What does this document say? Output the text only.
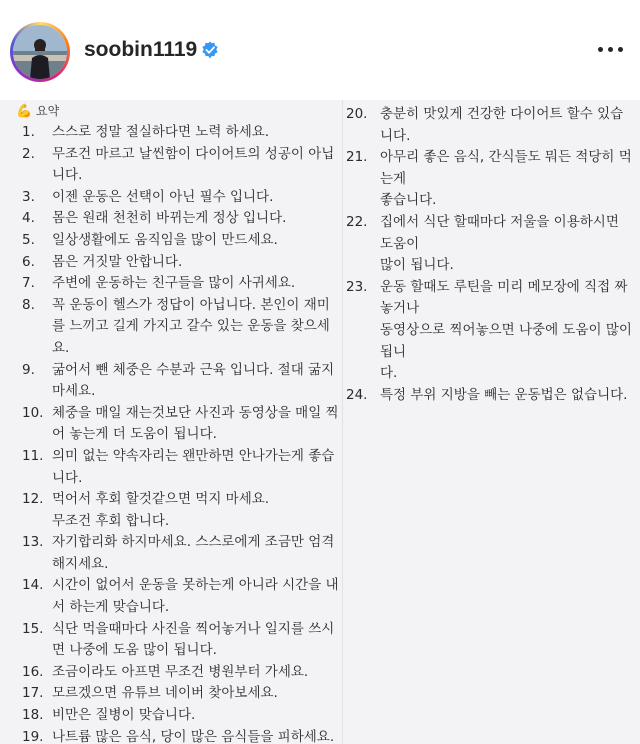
soobin1119
💪 요약
1.	스스로 정말 절실하다면 노력 하세요.
2.	무조건 마르고 날씬함이 다이어트의 성공이 아닙
니다.
3.	이젠 운동은 선택이 아닌 필수 입니다.
4.	몸은 원래 천천히 바뀌는게 정상 입니다.
5.	일상생활에도 움직임을 많이 만드세요.
6.	몸은 거짓말 안합니다.
7.	주변에 운동하는 친구들을 많이 사귀세요.
8.	꼭 운동이 헬스가 정답이 아닙니다. 본인이 재미
를 느끼고 길게 가지고 갈수 있는 운동을 찾으세
요.
9.	굶어서 뺀 체중은 수분과 근육 입니다. 절대 굶지
마세요.
10. 체중을 매일 재는것보단 사진과 동영상을 매일 찍
어 놓는게 더 도움이 됩니다.
11. 의미 없는 약속자리는 왠만하면 안나가는게 좋습
니다.
12. 먹어서 후회 할것같으면 먹지 마세요.
무조건 후회 합니다.
13. 자기합리화 하지마세요. 스스로에게 조금만 엄격
해지세요.
14. 시간이 없어서 운동을 못하는게 아니라 시간을 내
서 하는게 맞습니다.
15. 식단 먹을때마다 사진을 찍어놓거나 일지를 쓰시
면 나중에 도움 많이 됩니다.
16. 조금이라도 아프면 무조건 병원부터 가세요.
17. 모르겠으면 유튜브 네이버 찾아보세요.
18. 비만은 질병이 맞습니다.
19. 나트륨 많은 음식, 당이 많은 음식들을 피하세요.
20. 충분히 맛있게 건강한 다이어트 할수 있습니다.
21. 아무리 좋은 음식, 간식들도 뭐든 적당히 먹는게
좋습니다.
22. 집에서 식단 할때마다 저울을 이용하시면 도움이
많이 됩니다.
23. 운동 할때도 루틴을 미리 메모장에 직접 짜놓거나
동영상으로 찍어놓으면 나중에 도움이 많이 됩니
다.
24. 특정 부위 지방을 빼는 운동법은 없습니다.
